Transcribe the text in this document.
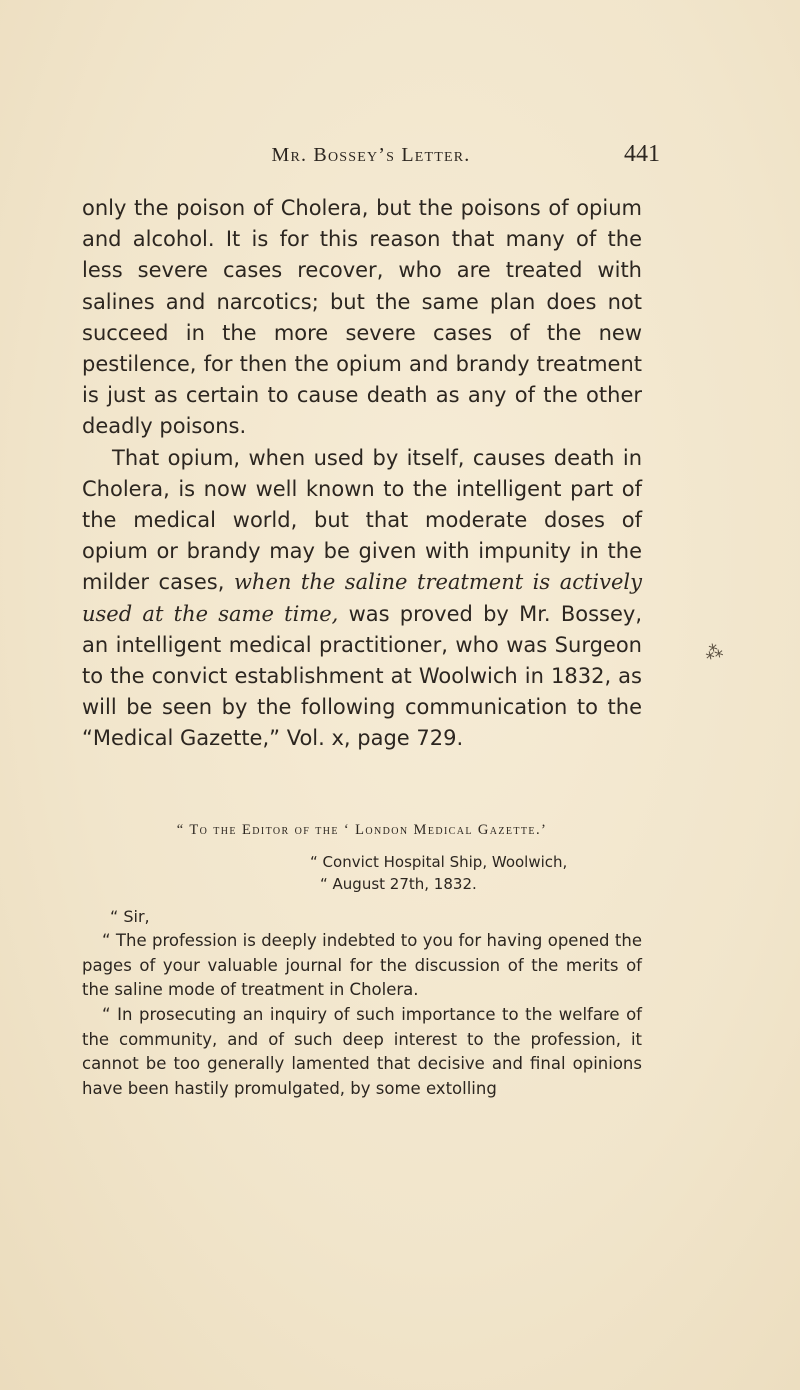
Mr. Bossey’s Letter.	441

only the poison of Cholera, but the poisons of opium and alcohol. It is for this reason that many of the less severe cases recover, who are treated with salines and narcotics; but the same plan does not succeed in the more severe cases of the new pestilence, for then the opium and brandy treatment is just as certain to cause death as any of the other deadly poisons.

That opium, when used by itself, causes death in Cholera, is now well known to the intelligent part of the medical world, but that moderate doses of opium or brandy may be given with impunity in the milder cases, when the saline treatment is actively used at the same time, was proved by Mr. Bossey, an intelligent medical practitioner, who was Surgeon to the convict establishment at Woolwich in 1832, as will be seen by the following communication to the “Medical Gazette,” Vol. x, page 729.

“ To the Editor of the ‘ London Medical Gazette.’
“ Convict Hospital Ship, Woolwich,
“ August 27th, 1832.
“ Sir,

“ The profession is deeply indebted to you for having opened the pages of your valuable journal for the discussion of the merits of the saline mode of treatment in Cholera.

“ In prosecuting an inquiry of such importance to the welfare of the community, and of such deep interest to the profession, it cannot be too generally lamented that decisive and final opinions have been hastily promulgated, by some extolling

⁂
